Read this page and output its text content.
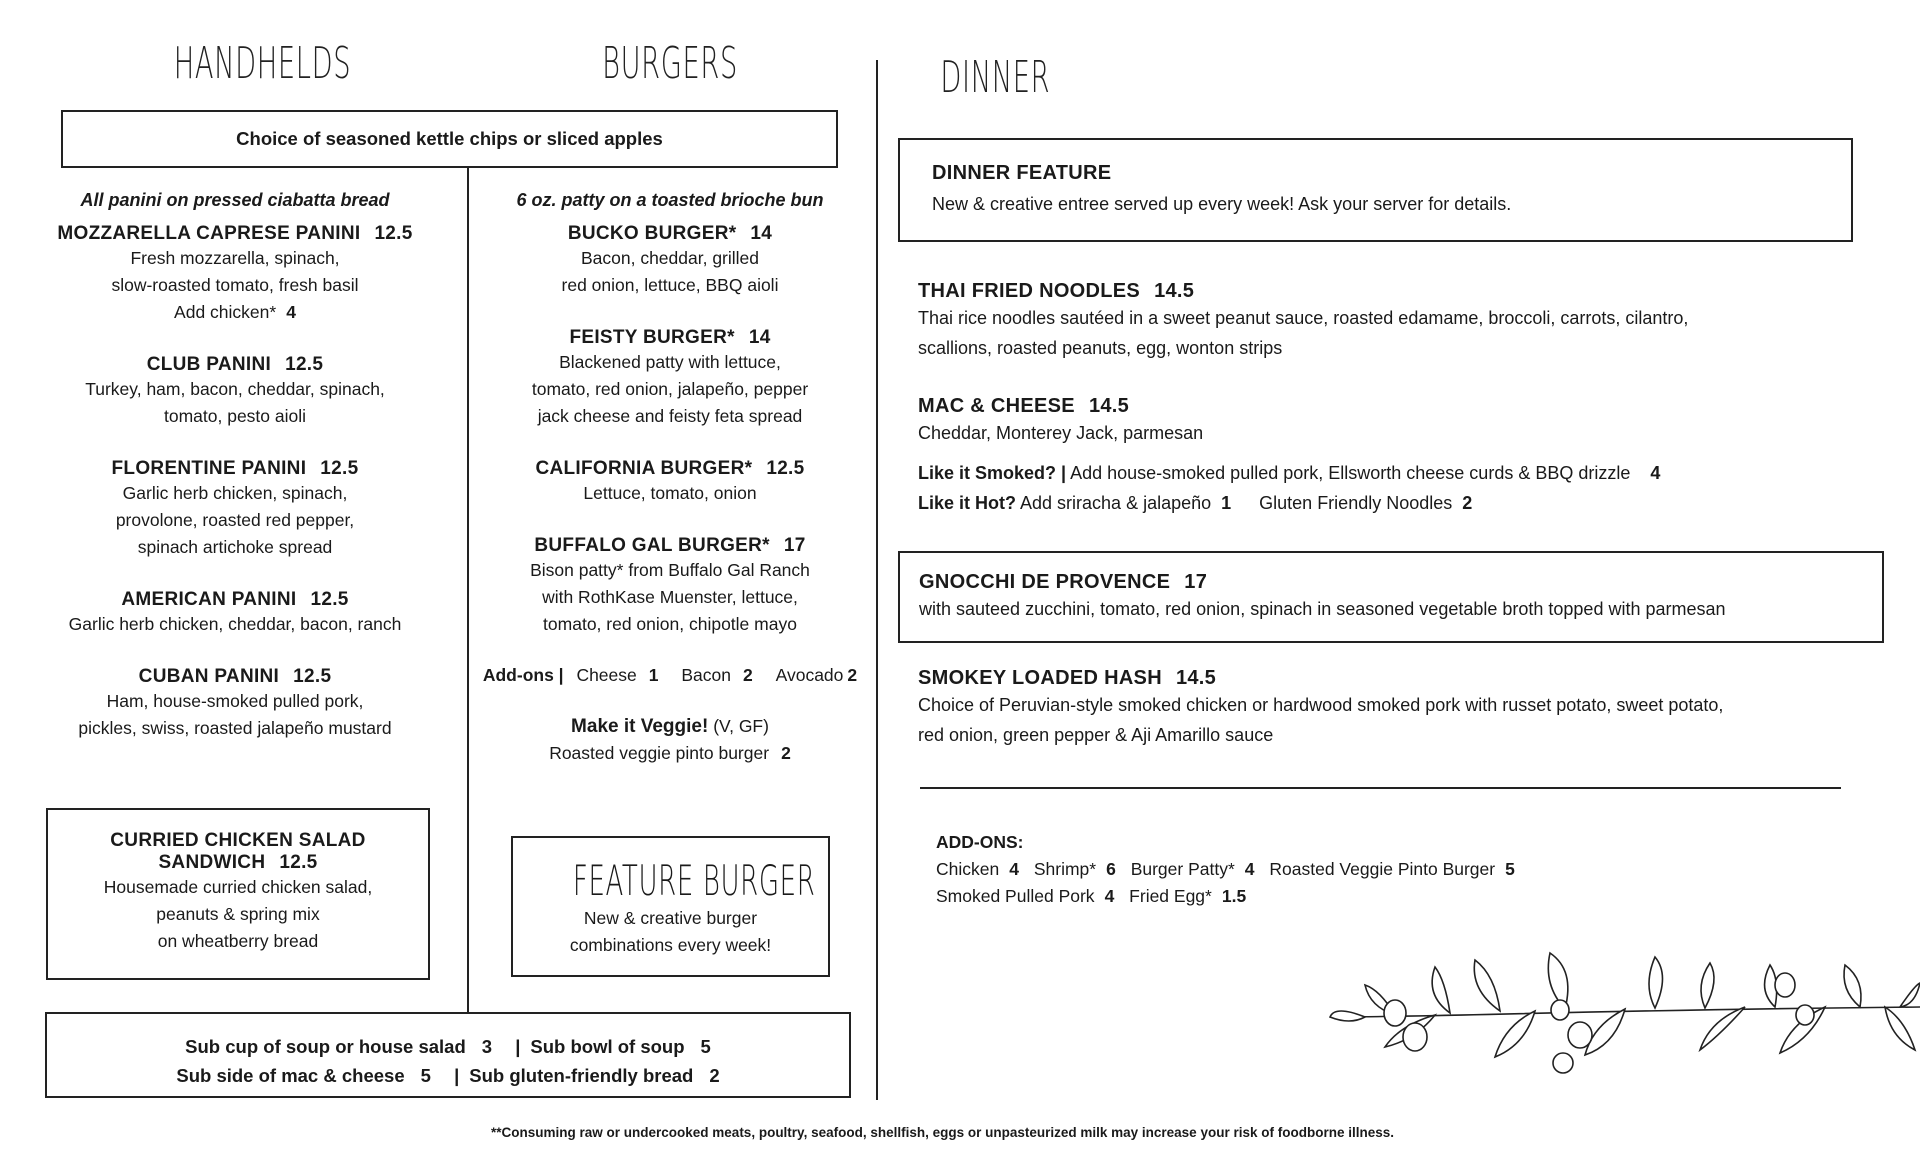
HANDHELDS	BURGERS	DINNER
Choice of seasoned kettle chips or sliced apples
All panini on pressed ciabatta bread
MOZZARELLA CAPRESE PANINI 12.5
Fresh mozzarella, spinach,
slow-roasted tomato, fresh basil
Add chicken* 4
CLUB PANINI 12.5
Turkey, ham, bacon, cheddar, spinach,
tomato, pesto aioli
FLORENTINE PANINI 12.5
Garlic herb chicken, spinach,
provolone, roasted red pepper,
spinach artichoke spread
AMERICAN PANINI 12.5
Garlic herb chicken, cheddar, bacon, ranch
CUBAN PANINI 12.5
Ham, house-smoked pulled pork,
pickles, swiss, roasted jalapeño mustard
CURRIED CHICKEN SALAD
SANDWICH 12.5
Housemade curried chicken salad,
peanuts & spring mix
on wheatberry bread
6 oz. patty on a toasted brioche bun
BUCKO BURGER* 14
Bacon, cheddar, grilled
red onion, lettuce, BBQ aioli
FEISTY BURGER* 14
Blackened patty with lettuce,
tomato, red onion, jalapeño, pepper
jack cheese and feisty feta spread
CALIFORNIA BURGER* 12.5
Lettuce, tomato, onion
BUFFALO GAL BURGER* 17
Bison patty* from Buffalo Gal Ranch
with RothKase Muenster, lettuce,
tomato, red onion, chipotle mayo
Add-ons | Cheese 1 Bacon 2 Avocado 2
Make it Veggie! (V, GF)
Roasted veggie pinto burger 2
FEATURE BURGER
New & creative burger
combinations every week!
Sub cup of soup or house salad 3 | Sub bowl of soup 5
Sub side of mac & cheese 5 | Sub gluten-friendly bread 2
DINNER FEATURE
New & creative entree served up every week! Ask your server for details.
THAI FRIED NOODLES 14.5
Thai rice noodles sautéed in a sweet peanut sauce, roasted edamame, broccoli, carrots, cilantro,
scallions, roasted peanuts, egg, wonton strips
MAC & CHEESE 14.5
Cheddar, Monterey Jack, parmesan
Like it Smoked? | Add house-smoked pulled pork, Ellsworth cheese curds & BBQ drizzle 4
Like it Hot? Add sriracha & jalapeño 1 Gluten Friendly Noodles 2
GNOCCHI DE PROVENCE 17
with sauteed zucchini, tomato, red onion, spinach in seasoned vegetable broth topped with parmesan
SMOKEY LOADED HASH 14.5
Choice of Peruvian-style smoked chicken or hardwood smoked pork with russet potato, sweet potato,
red onion, green pepper & Aji Amarillo sauce
ADD-ONS:
Chicken 4 Shrimp* 6 Burger Patty* 4 Roasted Veggie Pinto Burger 5
Smoked Pulled Pork 4 Fried Egg* 1.5
**Consuming raw or undercooked meats, poultry, seafood, shellfish, eggs or unpasteurized milk may increase your risk of foodborne illness.
